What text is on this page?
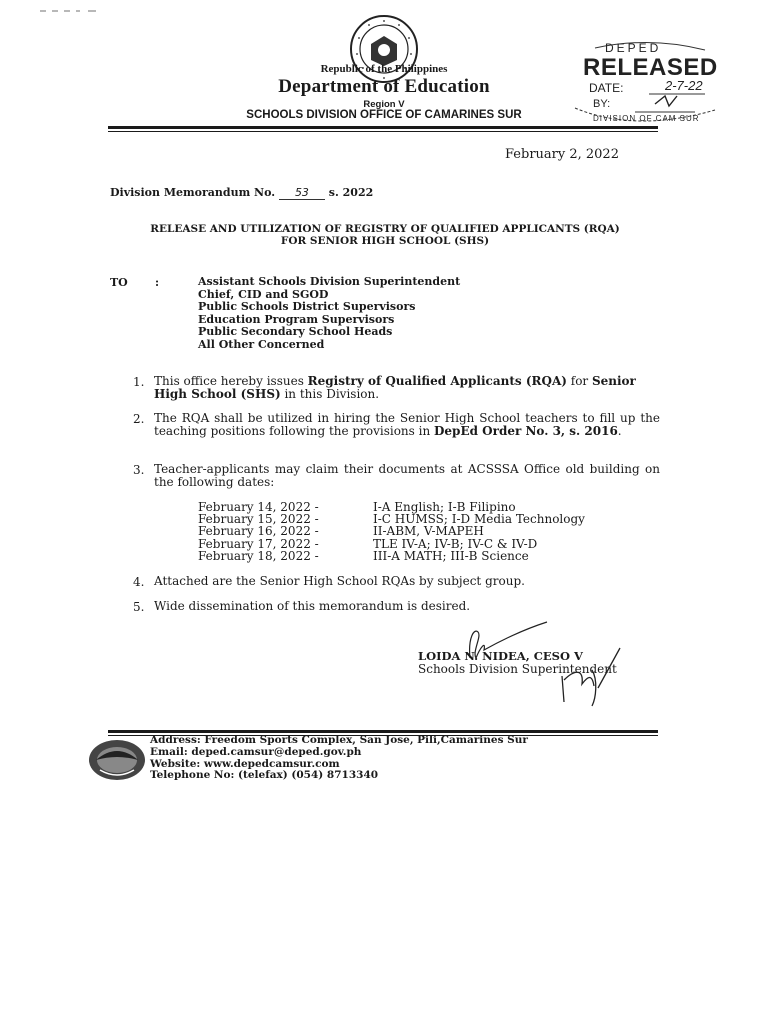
Republic of the Philippines
Department of Education
Region V
SCHOOLS DIVISION OFFICE OF CAMARINES SUR
DEPED
RELEASED
DATE:	2-7-22
BY:
DIVISION OF CAM SUR
February 2, 2022
Division Memorandum No. 53 s. 2022
RELEASE AND UTILIZATION OF REGISTRY OF QUALIFIED APPLICANTS (RQA)
FOR SENIOR HIGH SCHOOL (SHS)
TO :	Assistant Schools Division Superintendent
Chief, CID and SGOD
Public Schools District Supervisors
Education Program Supervisors
Public Secondary School Heads
All Other Concerned
1. This office hereby issues Registry of Qualified Applicants (RQA) for Senior High School (SHS) in this Division.
2. The RQA shall be utilized in hiring the Senior High School teachers to fill up the teaching positions following the provisions in DepEd Order No. 3, s. 2016.
3. Teacher-applicants may claim their documents at ACSSSA Office old building on the following dates:
February 14, 2022 -	I-A English; I-B Filipino
February 15, 2022 -	I-C HUMSS; I-D Media Technology
February 16, 2022 -	II-ABM, V-MAPEH
February 17, 2022 -	TLE IV-A; IV-B; IV-C & IV-D
February 18, 2022 -	III-A MATH; III-B Science
4. Attached are the Senior High School RQAs by subject group.
5. Wide dissemination of this memorandum is desired.
LOIDA N. NIDEA, CESO V
Schools Division Superintendent
Address: Freedom Sports Complex, San Jose, Pili,Camarines Sur
Email: deped.camsur@deped.gov.ph
Website: www.depedcamsur.com
Telephone No: (telefax) (054) 8713340
